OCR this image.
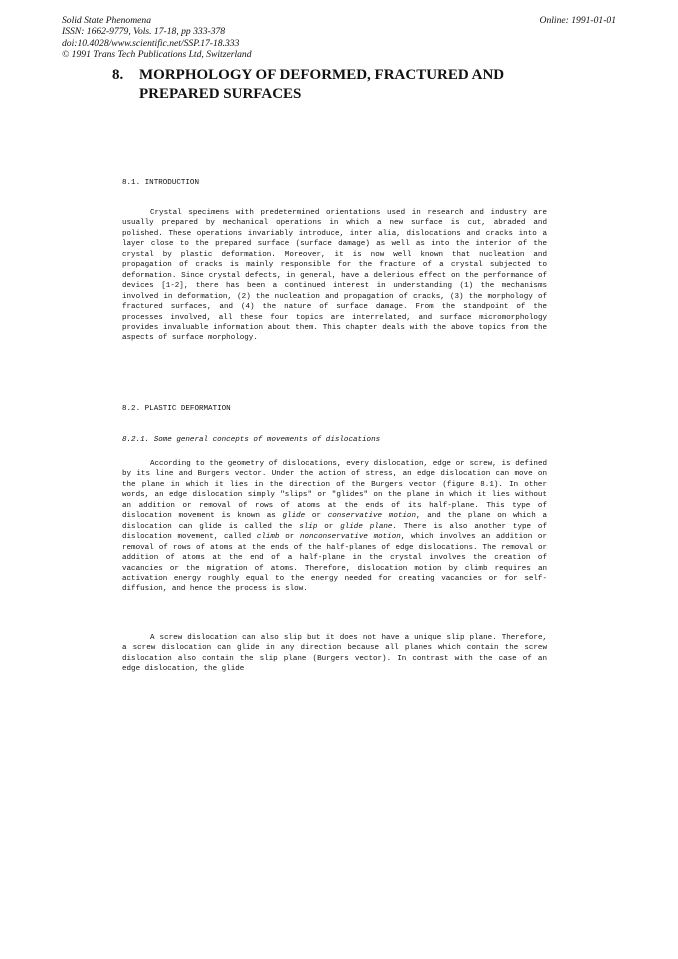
Solid State Phenomena
ISSN: 1662-9779, Vols. 17-18, pp 333-378
doi:10.4028/www.scientific.net/SSP.17-18.333
© 1991 Trans Tech Publications Ltd, Switzerland
Online: 1991-01-01
8. MORPHOLOGY OF DEFORMED, FRACTURED AND PREPARED SURFACES
8.1. INTRODUCTION

Crystal specimens with predetermined orientations used in research and industry are usually prepared by mechanical operations in which a new surface is cut, abraded and polished. These operations invariably introduce, inter alia, dislocations and cracks into a layer close to the prepared surface (surface damage) as well as into the interior of the crystal by plastic deformation. Moreover, it is now well known that nucleation and propagation of cracks is mainly responsible for the fracture of a crystal subjected to deformation. Since crystal defects, in general, have a delerious effect on the performance of devices [1-2], there has been a continued interest in understanding (1) the mechanisms involved in deformation, (2) the nucleation and propagation of cracks, (3) the morphology of fractured surfaces, and (4) the nature of surface damage. From the standpoint of the processes involved, all these four topics are interrelated, and surface micromorphology provides invaluable information about them. This chapter deals with the above topics from the aspects of surface morphology.

8.2. PLASTIC DEFORMATION
8.2.1. Some general concepts of movements of dislocations

According to the geometry of dislocations, every dislocation, edge or screw, is defined by its line and Burgers vector. Under the action of stress, an edge dislocation can move on the plane in which it lies in the direction of the Burgers vector (figure 8.1). In other words, an edge dislocation simply "slips" or "glides" on the plane in which it lies without an addition or removal of rows of atoms at the ends of its half-plane. This type of dislocation movement is known as glide or conservative motion, and the plane on which a dislocation can glide is called the slip or glide plane. There is also another type of dislocation movement, called climb or nonconservative motion, which involves an addition or removal of rows of atoms at the ends of the half-planes of edge dislocations. The removal or addition of atoms at the end of a half-plane in the crystal involves the creation of vacancies or the migration of atoms. Therefore, dislocation motion by climb requires an activation energy roughly equal to the energy needed for creating vacancies or for self-diffusion, and hence the process is slow.

A screw dislocation can also slip but it does not have a unique slip plane. Therefore, a screw dislocation can glide in any direction because all planes which contain the screw dislocation also contain the slip plane (Burgers vector). In contrast with the case of an edge dislocation, the glide
